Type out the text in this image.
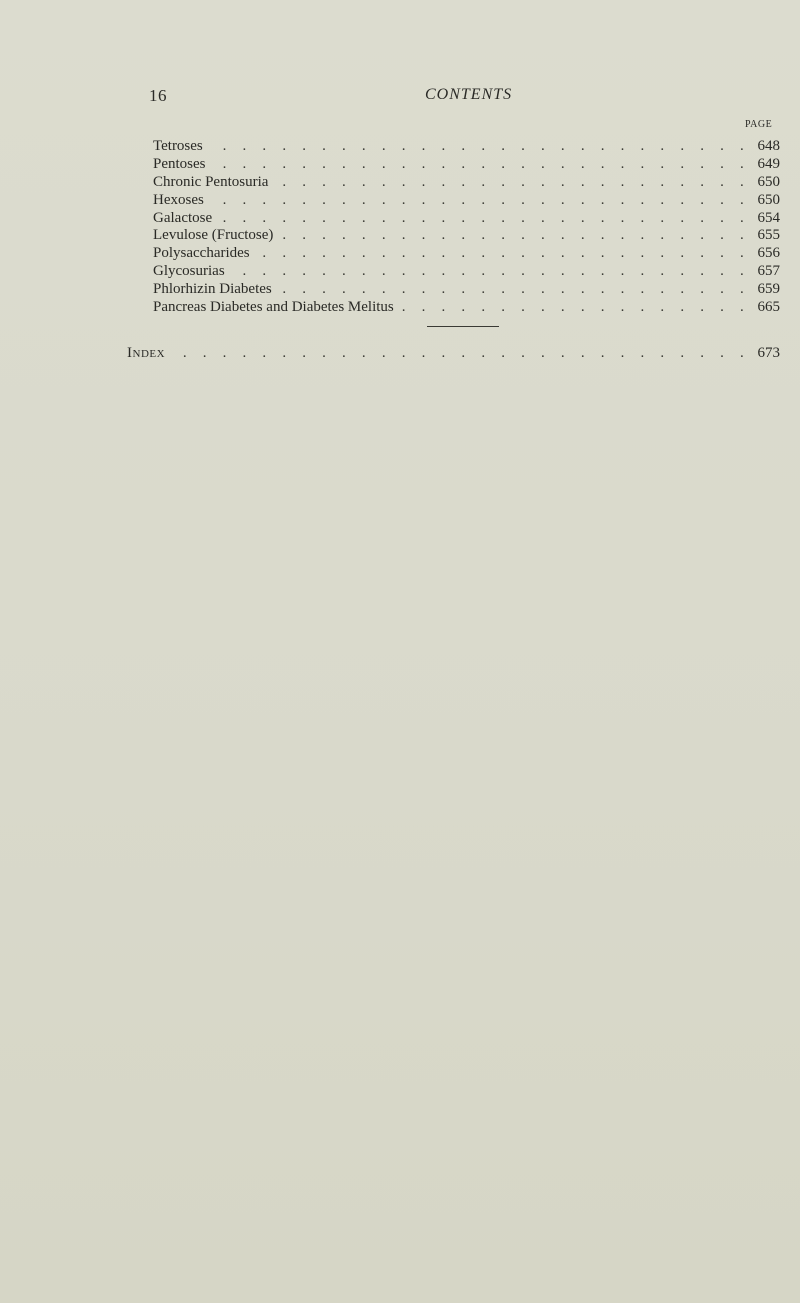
16	CONTENTS
PAGE
Tetroses . . .	648
Pentoses . . .	649
Chronic Pentosuria . . .	650
Hexoses . . .	650
Galactose . . .	654
Levulose (Fructose) . . .	655
Polysaccharides . . .	656
Glycosurias . . .	657
Phlorhizin Diabetes . . .	659
Pancreas Diabetes and Diabetes Melitus . . .	665
Index . . .	673
